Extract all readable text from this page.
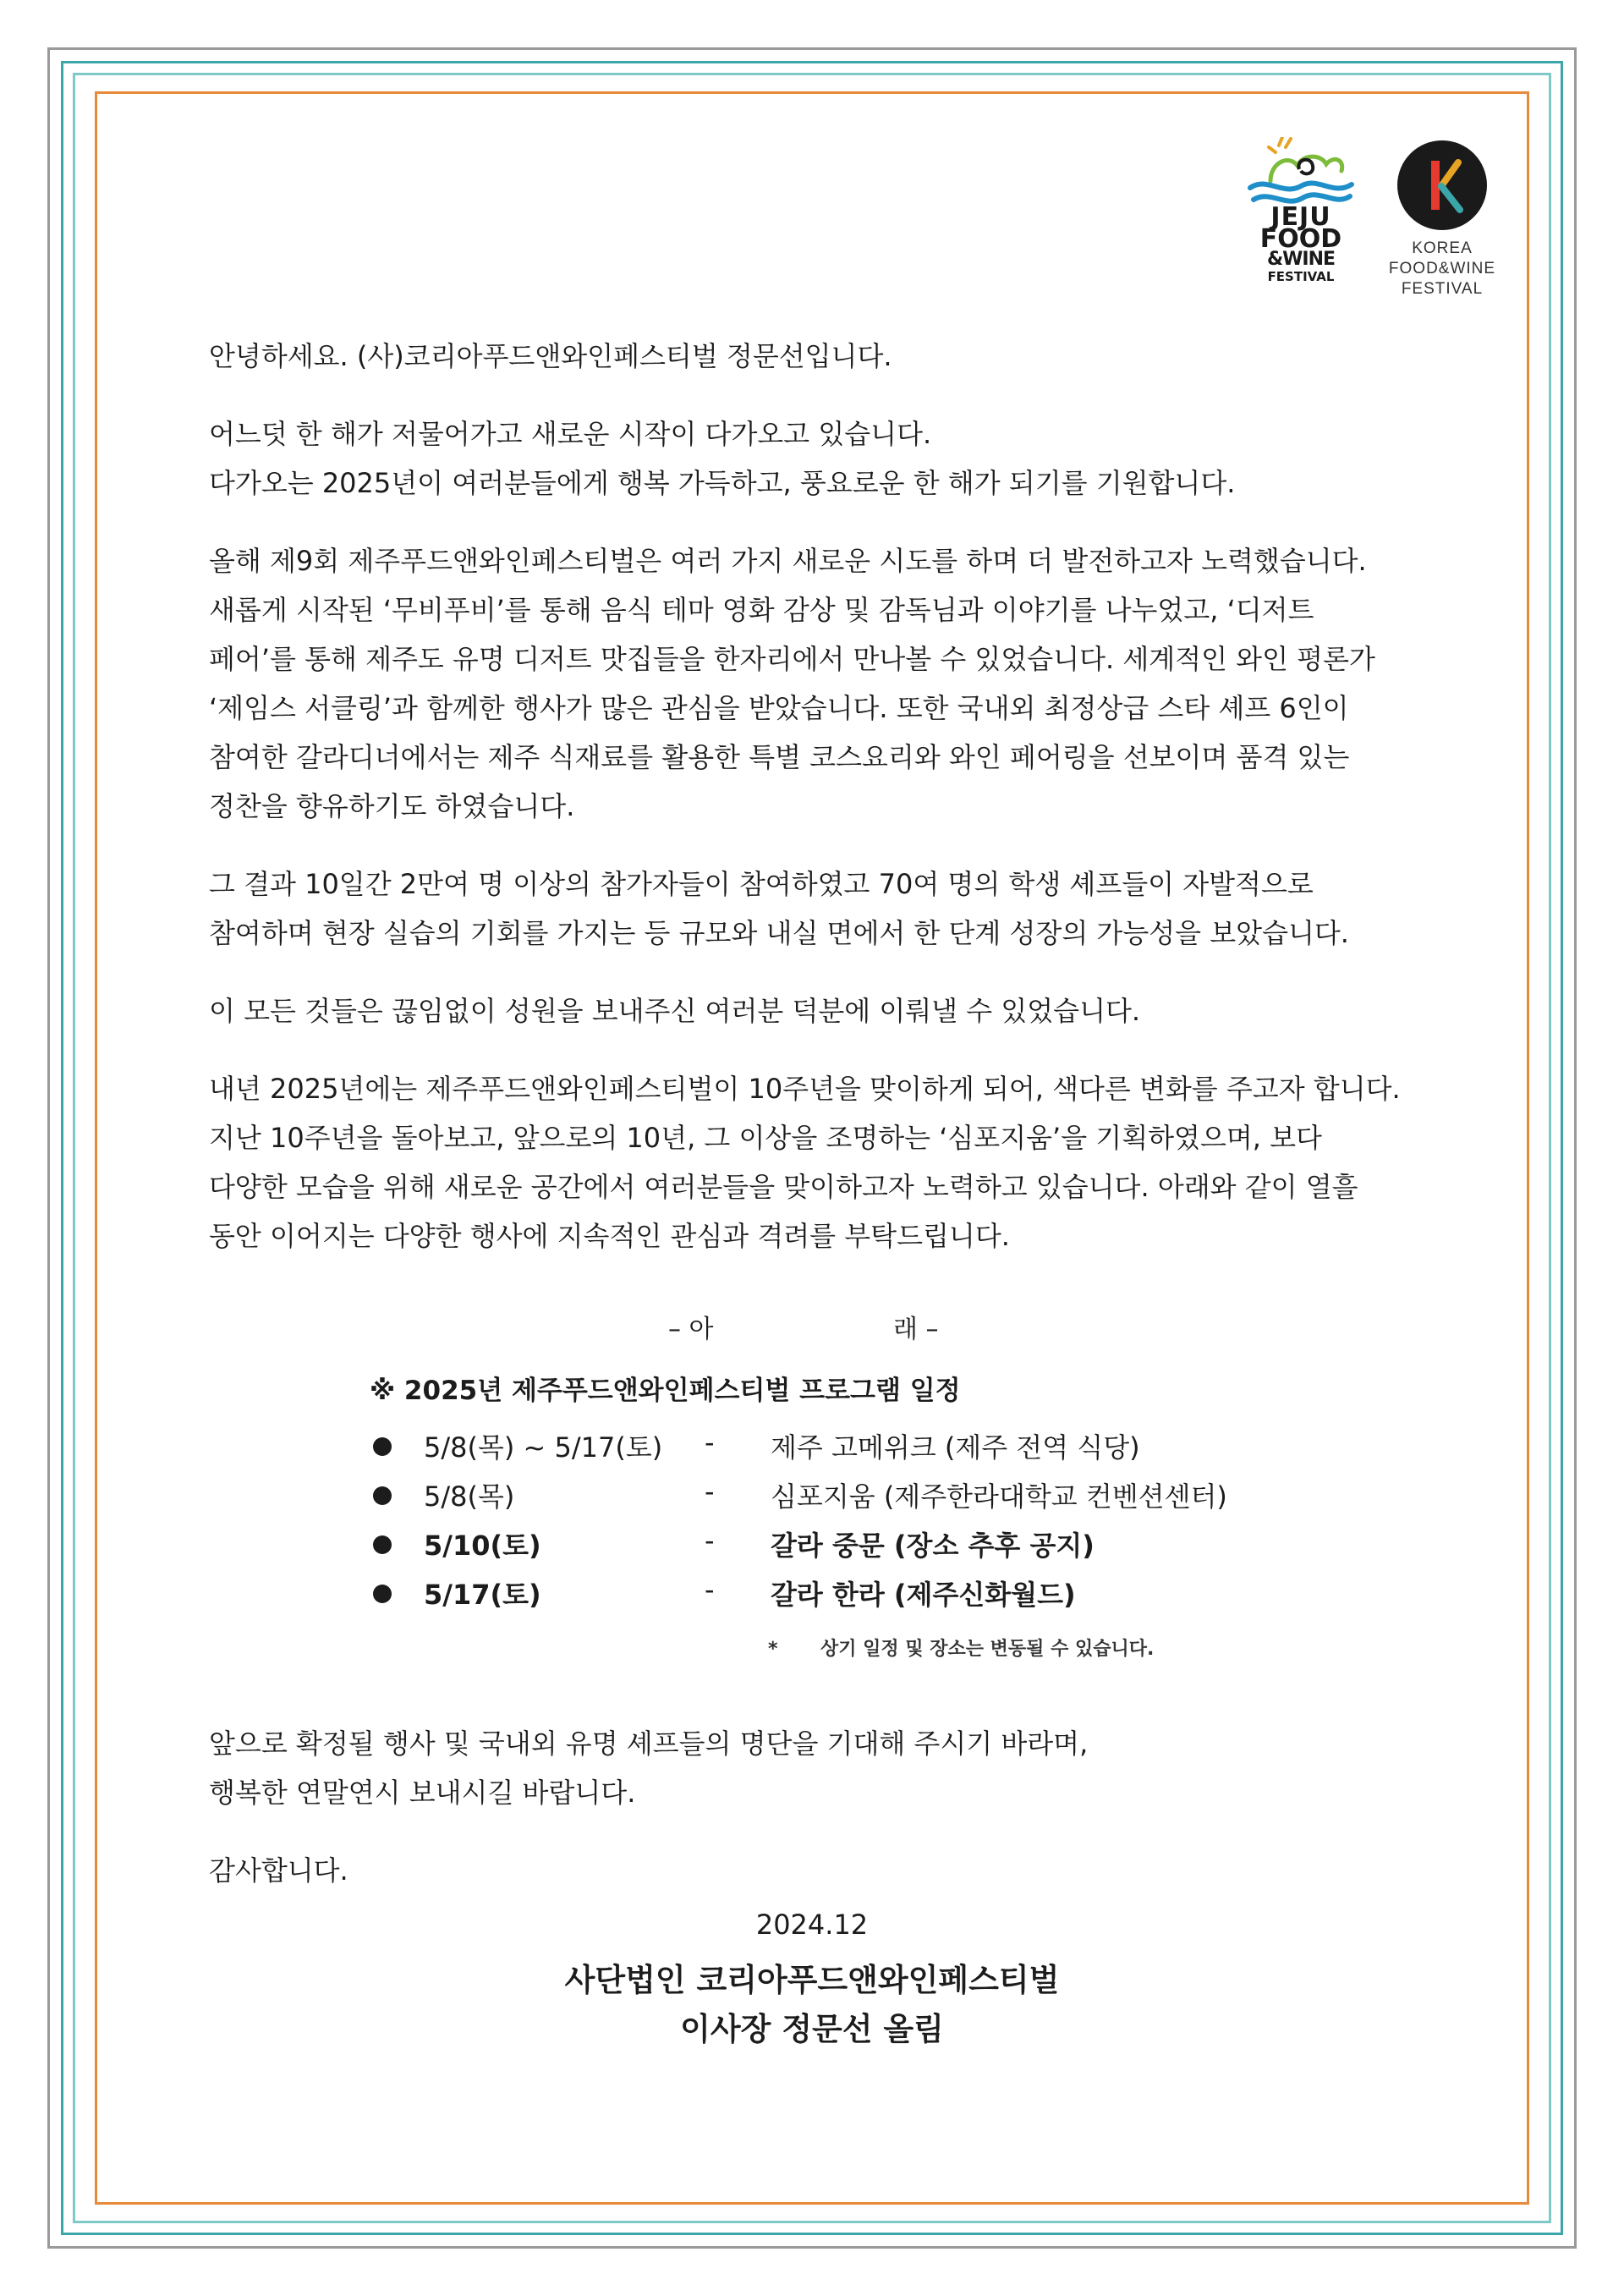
JEJU
FOOD
&WINE
FESTIVAL
KOREA
FOOD&WINE
FESTIVAL

안녕하세요. (사)코리아푸드앤와인페스티벌 정문선입니다.

어느덧 한 해가 저물어가고 새로운 시작이 다가오고 있습니다.
다가오는 2025년이 여러분들에게 행복 가득하고, 풍요로운 한 해가 되기를 기원합니다.

올해 제9회 제주푸드앤와인페스티벌은 여러 가지 새로운 시도를 하며 더 발전하고자 노력했습니다.
새롭게 시작된 ‘무비푸비’를 통해 음식 테마 영화 감상 및 감독님과 이야기를 나누었고, ‘디저트
페어’를 통해 제주도 유명 디저트 맛집들을 한자리에서 만나볼 수 있었습니다. 세계적인 와인 평론가
‘제임스 서클링’과 함께한 행사가 많은 관심을 받았습니다. 또한 국내외 최정상급 스타 셰프 6인이
참여한 갈라디너에서는 제주 식재료를 활용한 특별 코스요리와 와인 페어링을 선보이며 품격 있는
정찬을 향유하기도 하였습니다.

그 결과 10일간 2만여 명 이상의 참가자들이 참여하였고 70여 명의 학생 셰프들이 자발적으로
참여하며 현장 실습의 기회를 가지는 등 규모와 내실 면에서 한 단계 성장의 가능성을 보았습니다.

이 모든 것들은 끊임없이 성원을 보내주신 여러분 덕분에 이뤄낼 수 있었습니다.

내년 2025년에는 제주푸드앤와인페스티벌이 10주년을 맞이하게 되어, 색다른 변화를 주고자 합니다.
지난 10주년을 돌아보고, 앞으로의 10년, 그 이상을 조명하는 ‘심포지움’을 기획하였으며, 보다
다양한 모습을 위해 새로운 공간에서 여러분들을 맞이하고자 노력하고 있습니다. 아래와 같이 열흘
동안 이어지는 다양한 행사에 지속적인 관심과 격려를 부탁드립니다.

– 아	래 –
※ 2025년 제주푸드앤와인페스티벌 프로그램 일정
5/8(목) ~ 5/17(토) - 제주 고메위크 (제주 전역 식당)
5/8(목)	- 심포지움 (제주한라대학교 컨벤션센터)
5/10(토)	- 갈라 중문 (장소 추후 공지)
5/17(토)	- 갈라 한라 (제주신화월드)
* 상기 일정 및 장소는 변동될 수 있습니다.

앞으로 확정될 행사 및 국내외 유명 셰프들의 명단을 기대해 주시기 바라며,
행복한 연말연시 보내시길 바랍니다.

감사합니다.

2024.12
사단법인 코리아푸드앤와인페스티벌
이사장 정문선 올림
